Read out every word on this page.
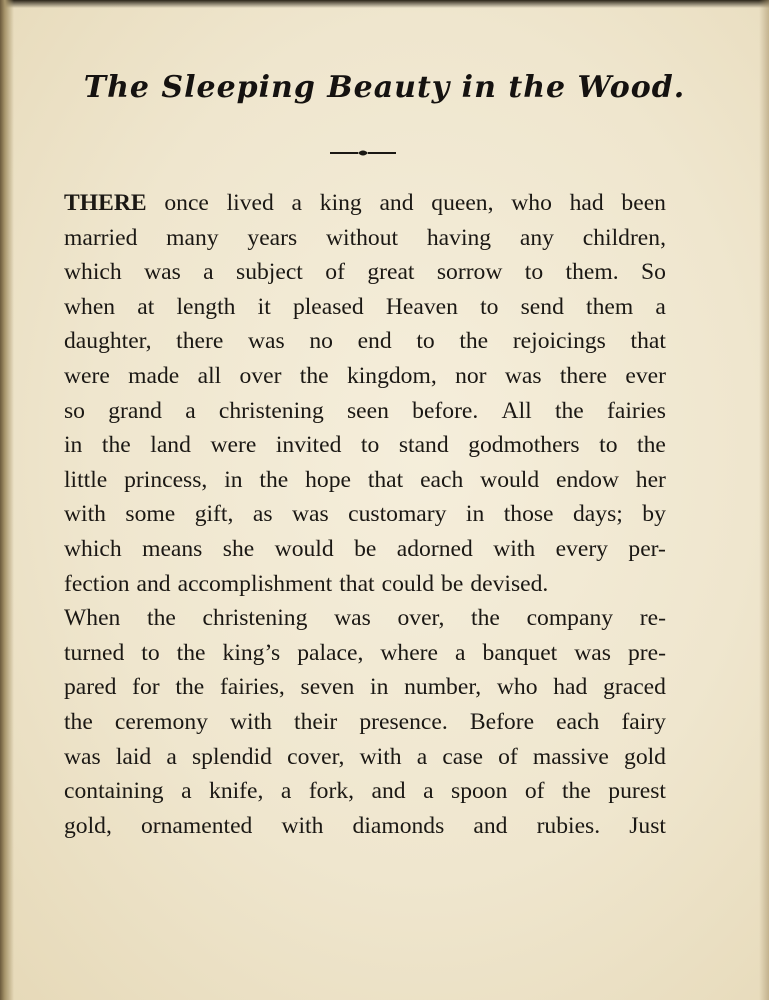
The Sleeping Beauty in the Wood.
THERE once lived a king and queen, who had been
married many years without having any children,
which was a subject of great sorrow to them. So
when at length it pleased Heaven to send them a
daughter, there was no end to the rejoicings that
were made all over the kingdom, nor was there ever
so grand a christening seen before. All the fairies
in the land were invited to stand godmothers to the
little princess, in the hope that each would endow her
with some gift, as was customary in those days; by
which means she would be adorned with every per-
fection and accomplishment that could be devised.
When the christening was over, the company re-
turned to the king’s palace, where a banquet was pre-
pared for the fairies, seven in number, who had graced
the ceremony with their presence. Before each fairy
was laid a splendid cover, with a case of massive gold
containing a knife, a fork, and a spoon of the purest
gold, ornamented with diamonds and rubies. Just
